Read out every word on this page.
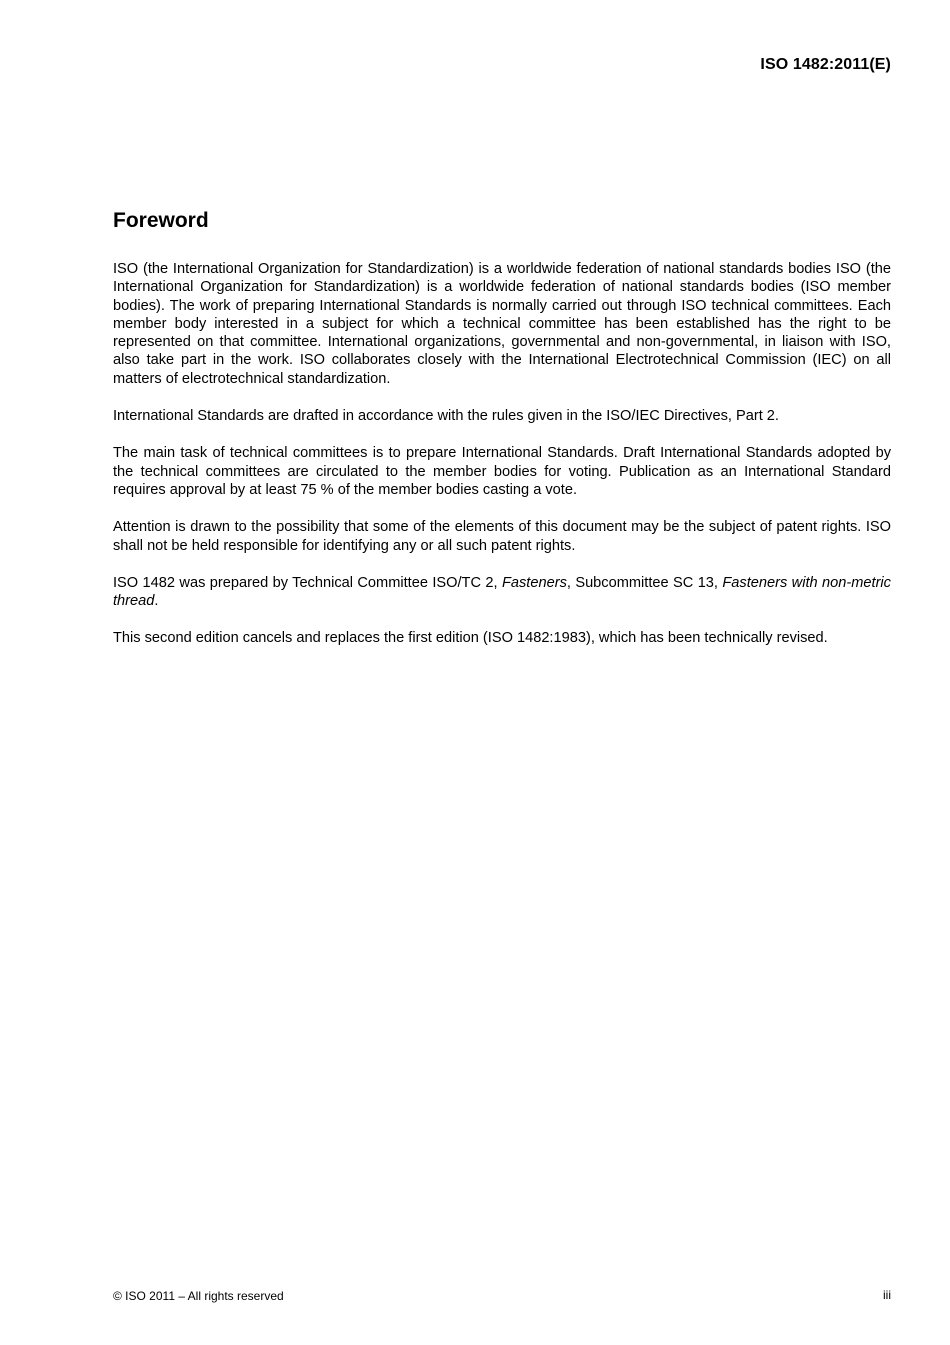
ISO 1482:2011(E)
Foreword

ISO (the International Organization for Standardization) is a worldwide federation of national standards bodies ISO (the International Organization for Standardization) is a worldwide federation of national standards bodies (ISO member bodies). The work of preparing International Standards is normally carried out through ISO technical committees. Each member body interested in a subject for which a technical committee has been established has the right to be represented on that committee. International organizations, governmental and non-governmental, in liaison with ISO, also take part in the work. ISO collaborates closely with the International Electrotechnical Commission (IEC) on all matters of electrotechnical standardization.

International Standards are drafted in accordance with the rules given in the ISO/IEC Directives, Part 2.

The main task of technical committees is to prepare International Standards. Draft International Standards adopted by the technical committees are circulated to the member bodies for voting. Publication as an International Standard requires approval by at least 75 % of the member bodies casting a vote.

Attention is drawn to the possibility that some of the elements of this document may be the subject of patent rights. ISO shall not be held responsible for identifying any or all such patent rights.

ISO 1482 was prepared by Technical Committee ISO/TC 2, Fasteners, Subcommittee SC 13, Fasteners with non-metric thread.

This second edition cancels and replaces the first edition (ISO 1482:1983), which has been technically revised.

© ISO 2011 – All rights reserved	iii
